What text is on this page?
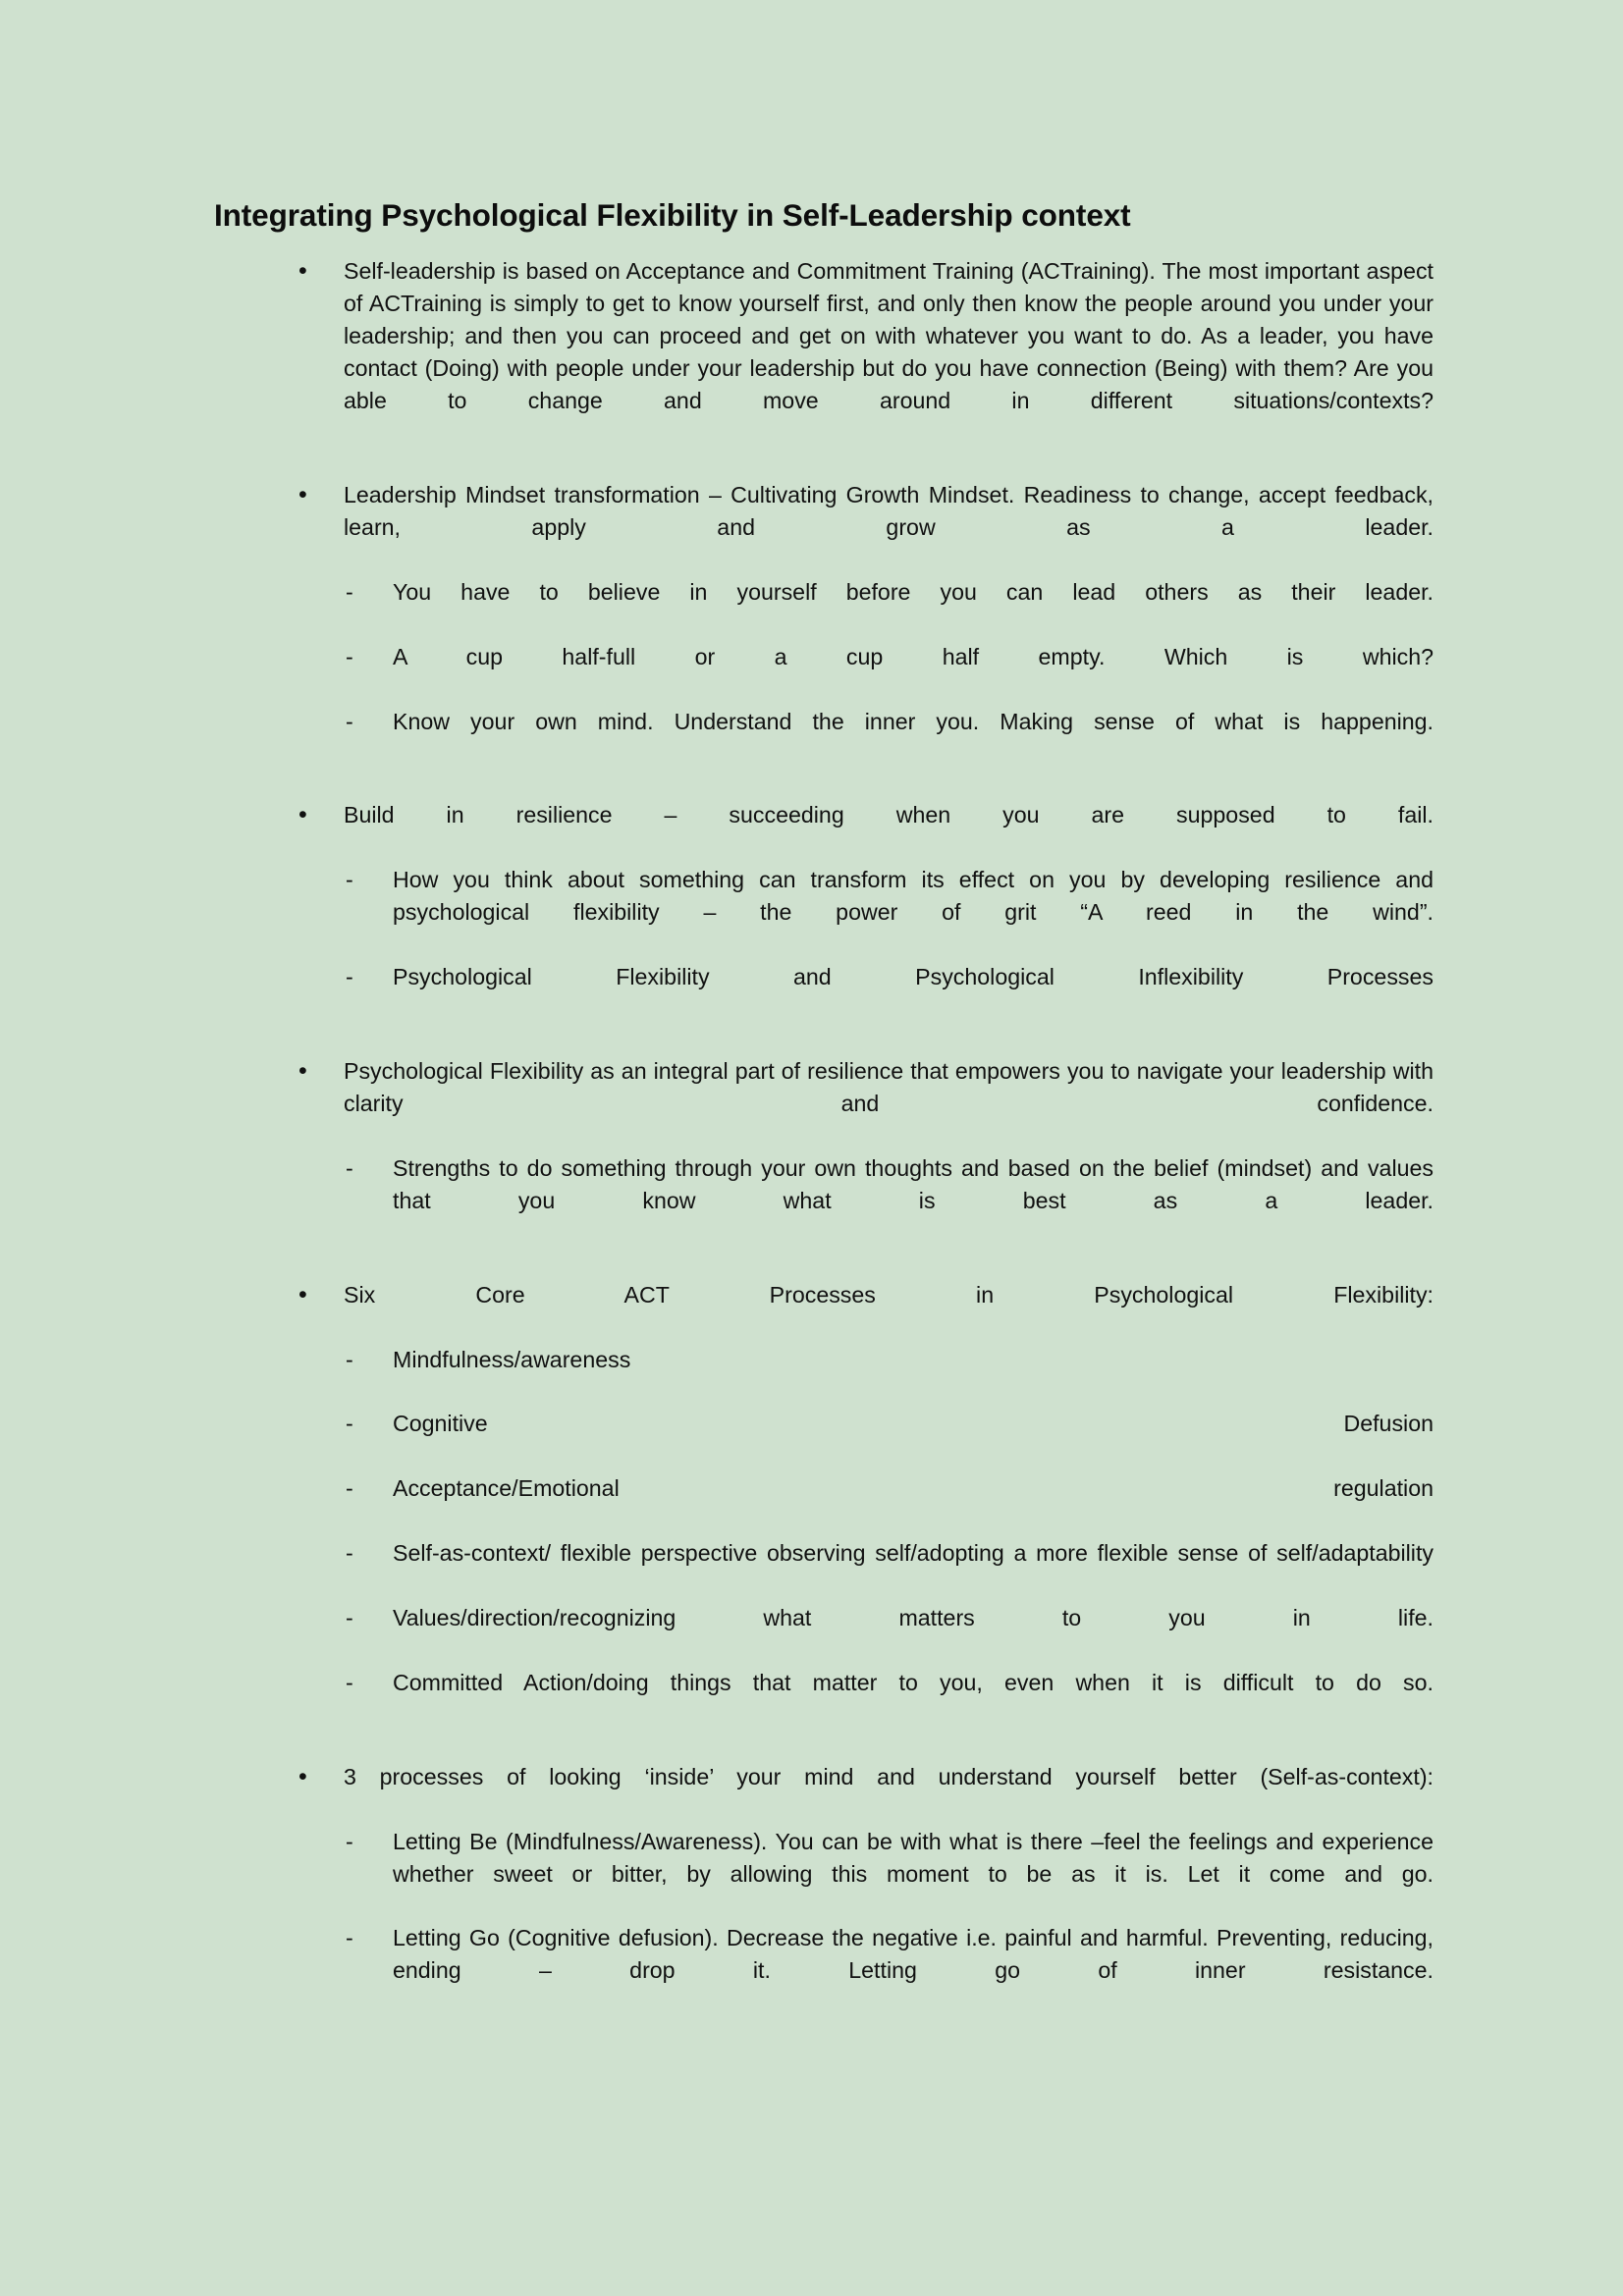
Integrating Psychological Flexibility in Self-Leadership context
• Self-leadership is based on Acceptance and Commitment Training (ACTraining). The most important aspect of ACTraining is simply to get to know yourself first, and only then know the people around you under your leadership; and then you can proceed and get on with whatever you want to do. As a leader, you have contact (Doing) with people under your leadership but do you have connection (Being) with them? Are you able to change and move around in different situations/contexts?
• Leadership Mindset transformation – Cultivating Growth Mindset. Readiness to change, accept feedback, learn, apply and grow as a leader.
- You have to believe in yourself before you can lead others as their leader.
- A cup half-full or a cup half empty. Which is which?
- Know your own mind. Understand the inner you. Making sense of what is happening.
• Build in resilience – succeeding when you are supposed to fail.
- How you think about something can transform its effect on you by developing resilience and psychological flexibility – the power of grit “A reed in the wind”.
- Psychological Flexibility and Psychological Inflexibility Processes
• Psychological Flexibility as an integral part of resilience that empowers you to navigate your leadership with clarity and confidence.
- Strengths to do something through your own thoughts and based on the belief (mindset) and values that you know what is best as a leader.
• Six Core ACT Processes in Psychological Flexibility:
- Mindfulness/awareness
- Cognitive Defusion
- Acceptance/Emotional regulation
- Self-as-context/ flexible perspective observing self/adopting a more flexible sense of self/adaptability
- Values/direction/recognizing what matters to you in life.
- Committed Action/doing things that matter to you, even when it is difficult to do so.
• 3 processes of looking ‘inside’ your mind and understand yourself better (Self-as-context):
- Letting Be (Mindfulness/Awareness). You can be with what is there –feel the feelings and experience whether sweet or bitter, by allowing this moment to be as it is. Let it come and go.
- Letting Go (Cognitive defusion). Decrease the negative i.e. painful and harmful. Preventing, reducing, ending – drop it. Letting go of inner resistance.
